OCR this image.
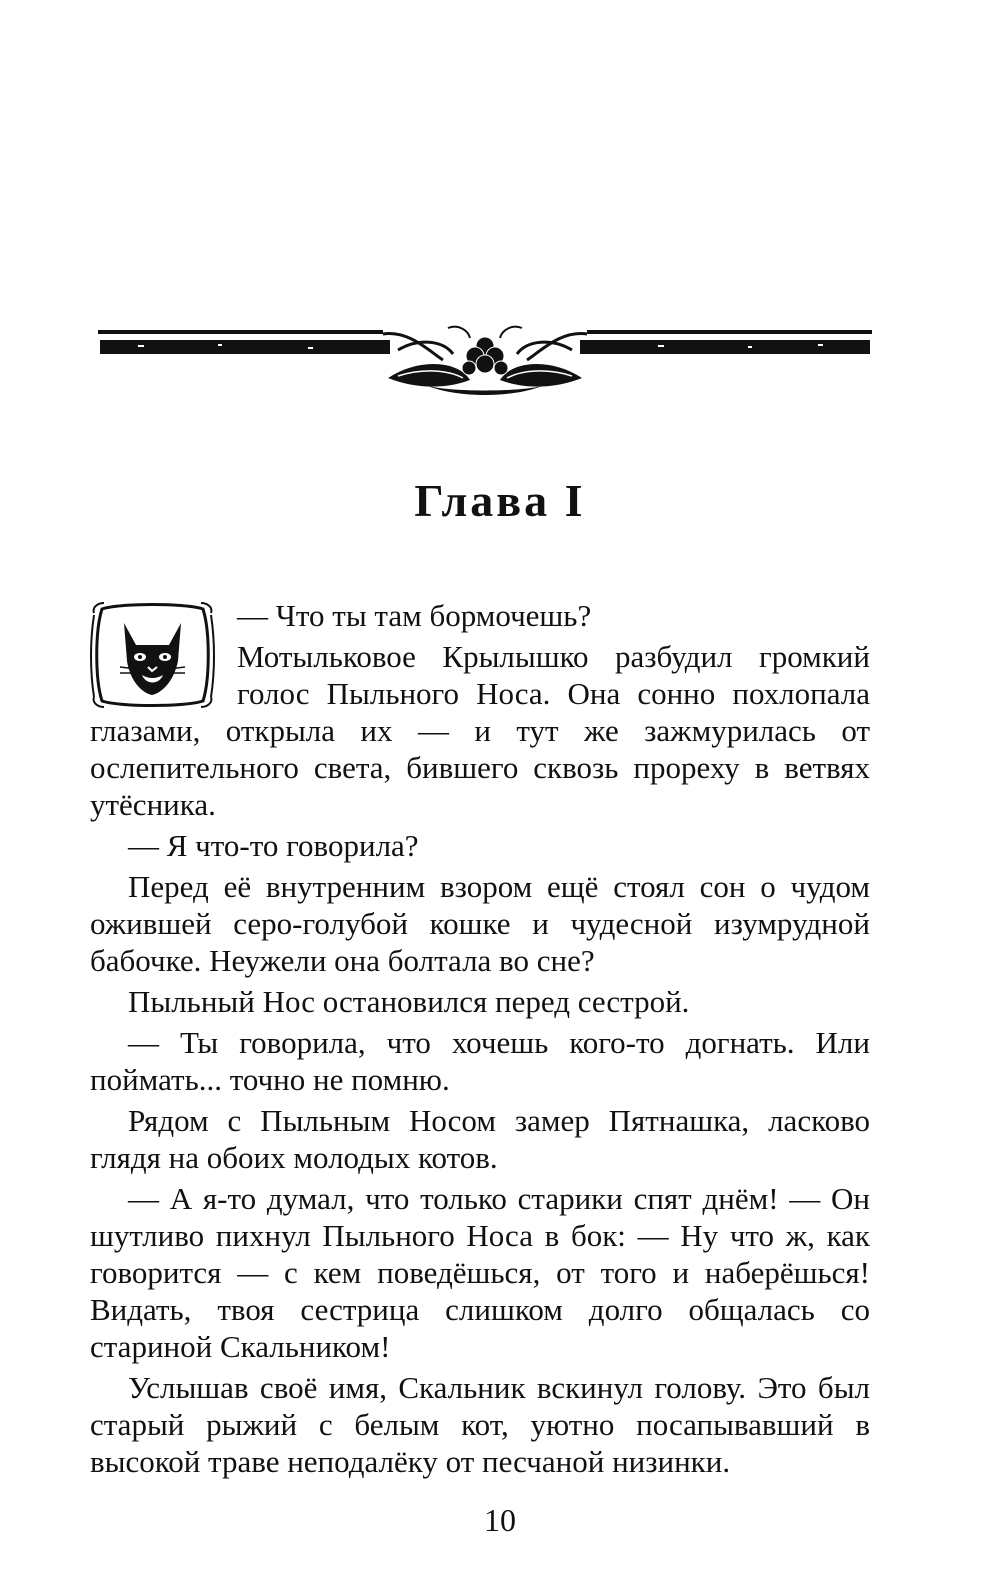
Глава I

— Что ты там бормочешь?

Мотыльковое Крылышко разбудил громкий голос Пыльного Носа. Она сонно похлопала глазами, открыла их — и тут же зажмурилась от ослепительного света, бившего сквозь прореху в ветвях утёсника.

— Я что-то говорила?

Перед её внутренним взором ещё стоял сон о чудом ожившей серо-голубой кошке и чудесной изумрудной бабочке. Неужели она болтала во сне?

Пыльный Нос остановился перед сестрой.

— Ты говорила, что хочешь кого-то догнать. Или поймать... точно не помню.

Рядом с Пыльным Носом замер Пятнашка, ласково глядя на обоих молодых котов.

— А я-то думал, что только старики спят днём! — Он шутливо пихнул Пыльного Носа в бок: — Ну что ж, как говорится — с кем поведёшься, от того и наберёшься! Видать, твоя сестрица слишком долго общалась со стариной Скальником!

Услышав своё имя, Скальник вскинул голову. Это был старый рыжий с белым кот, уютно посапывавший в высокой траве неподалёку от песчаной низинки.

10
